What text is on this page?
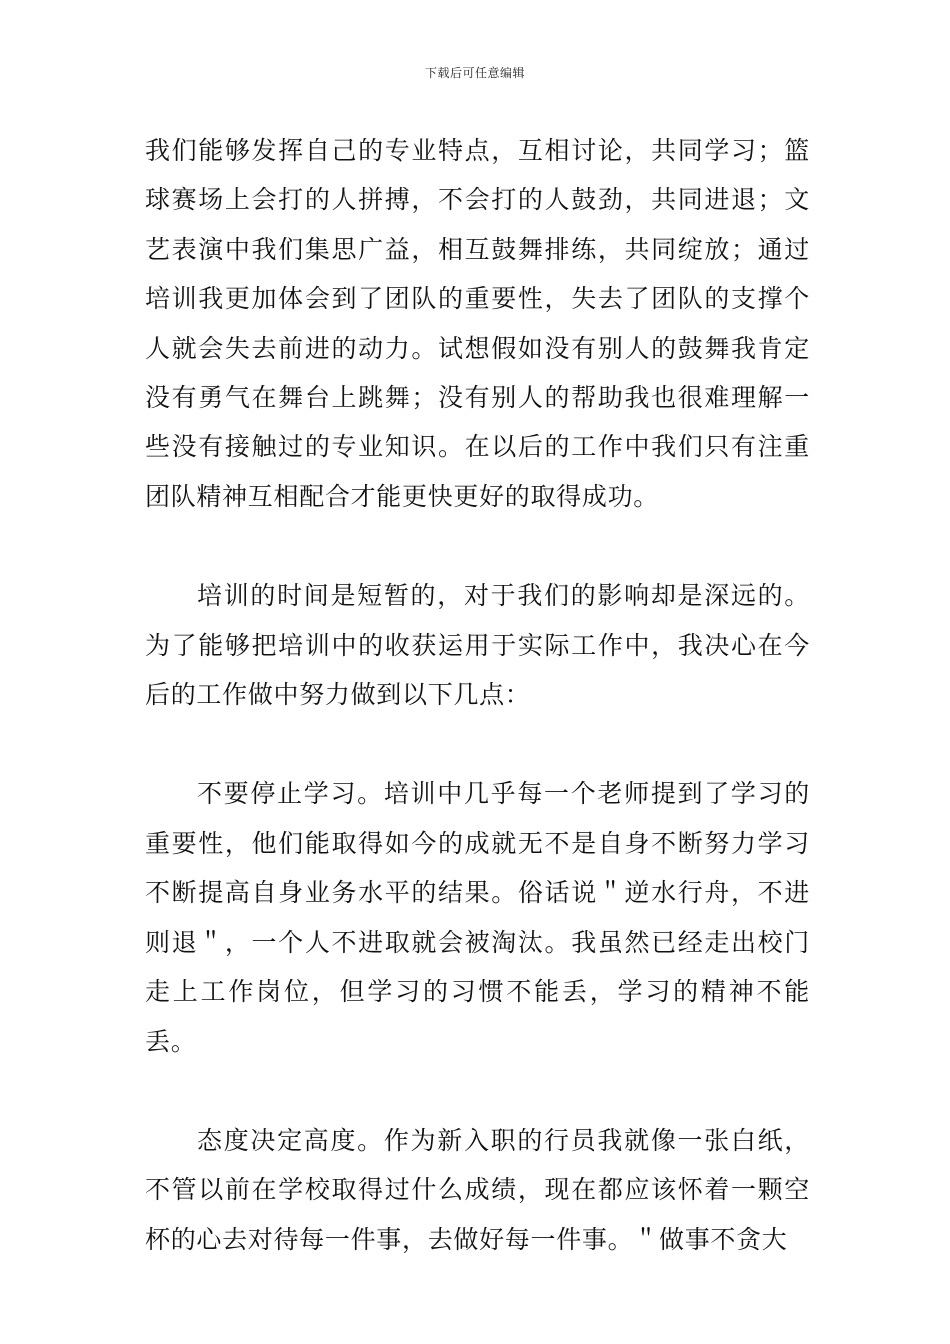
下载后可任意编辑

我们能够发挥自己的专业特点，互相讨论，共同学习；篮球赛场上会打的人拼搏，不会打的人鼓劲，共同进退；文艺表演中我们集思广益，相互鼓舞排练，共同绽放；通过培训我更加体会到了团队的重要性，失去了团队的支撑个人就会失去前进的动力。试想假如没有别人的鼓舞我肯定没有勇气在舞台上跳舞；没有别人的帮助我也很难理解一些没有接触过的专业知识。在以后的工作中我们只有注重团队精神互相配合才能更快更好的取得成功。

培训的时间是短暂的，对于我们的影响却是深远的。为了能够把培训中的收获运用于实际工作中，我决心在今后的工作做中努力做到以下几点：

不要停止学习。培训中几乎每一个老师提到了学习的重要性，他们能取得如今的成就无不是自身不断努力学习不断提高自身业务水平的结果。俗话说＂逆水行舟，不进则退＂，一个人不进取就会被淘汰。我虽然已经走出校门走上工作岗位，但学习的习惯不能丢，学习的精神不能丢。

态度决定高度。作为新入职的行员我就像一张白纸，不管以前在学校取得过什么成绩，现在都应该怀着一颗空杯的心去对待每一件事，去做好每一件事。＂做事不贪大
